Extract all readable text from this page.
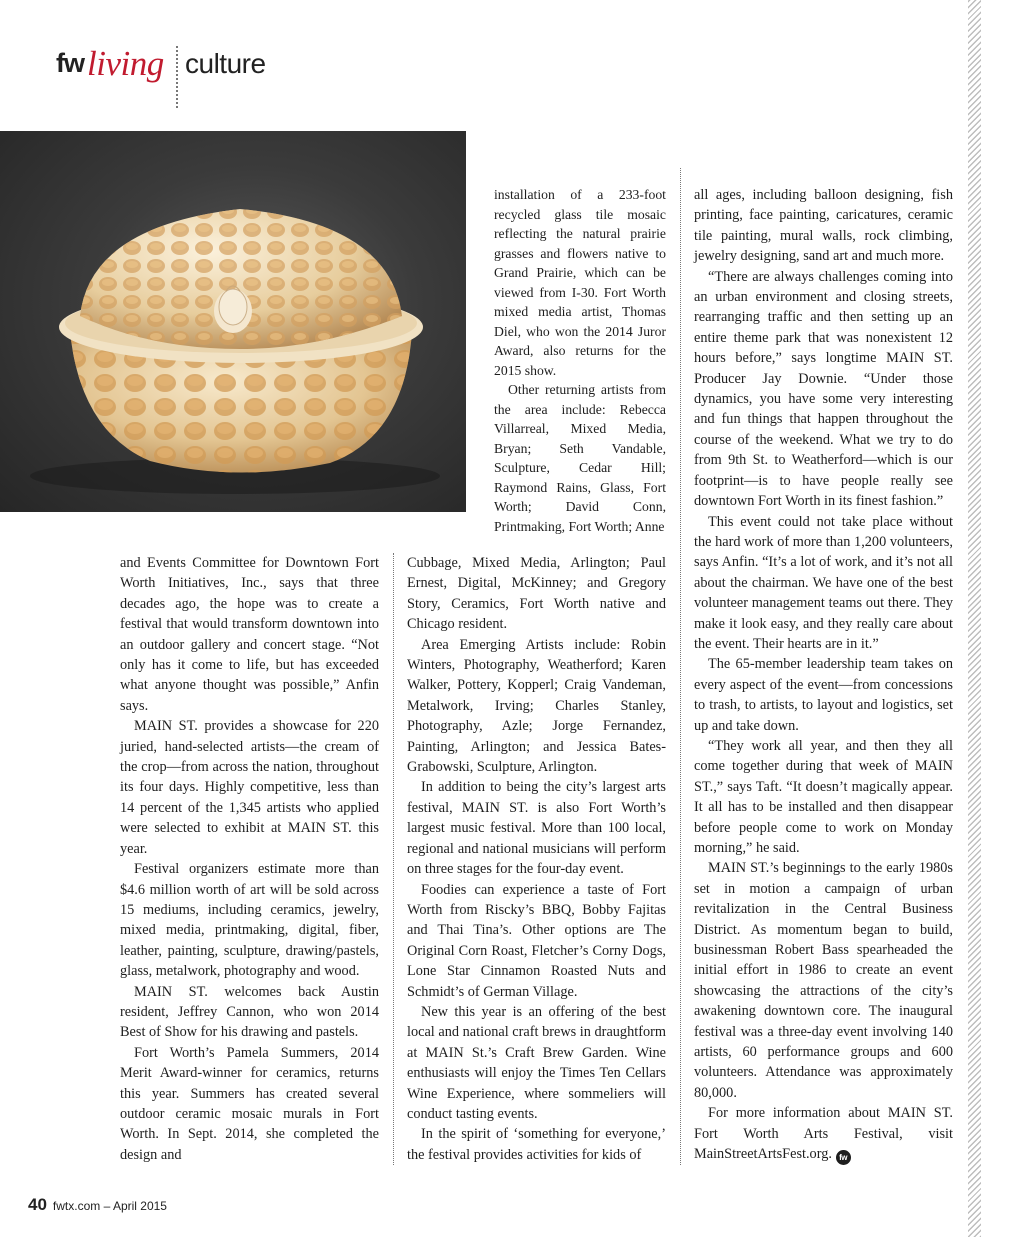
fw living culture

and Events Committee for Downtown Fort Worth Initiatives, Inc., says that three decades ago, the hope was to create a festival that would transform downtown into an outdoor gallery and concert stage. “Not only has it come to life, but has exceeded what anyone thought was possible,” Anfin says.

MAIN ST. provides a showcase for 220 juried, hand-selected artists—the cream of the crop—from across the nation, throughout its four days. Highly competitive, less than 14 percent of the 1,345 artists who applied were selected to exhibit at MAIN ST. this year.

Festival organizers estimate more than $4.6 million worth of art will be sold across 15 mediums, including ceramics, jewelry, mixed media, printmaking, digital, fiber, leather, painting, sculpture, drawing/pastels, glass, metalwork, photography and wood.

MAIN ST. welcomes back Austin resident, Jeffrey Cannon, who won 2014 Best of Show for his drawing and pastels.

Fort Worth’s Pamela Summers, 2014 Merit Award-winner for ceramics, returns this year. Summers has created several outdoor ceramic mosaic murals in Fort Worth. In Sept. 2014, she completed the design and

installation of a 233-foot recycled glass tile mosaic reflecting the natural prairie grasses and flowers native to Grand Prairie, which can be viewed from I-30. Fort Worth mixed media artist, Thomas Diel, who won the 2014 Juror Award, also returns for the 2015 show.

Other returning artists from the area include: Rebecca Villarreal, Mixed Media, Bryan; Seth Vandable, Sculpture, Cedar Hill; Raymond Rains, Glass, Fort Worth; David Conn, Printmaking, Fort Worth; Anne

Cubbage, Mixed Media, Arlington; Paul Ernest, Digital, McKinney; and Gregory Story, Ceramics, Fort Worth native and Chicago resident.

Area Emerging Artists include: Robin Winters, Photography, Weatherford; Karen Walker, Pottery, Kopperl; Craig Vandeman, Metalwork, Irving; Charles Stanley, Photography, Azle; Jorge Fernandez, Painting, Arlington; and Jessica Bates-Grabowski, Sculpture, Arlington.

In addition to being the city’s largest arts festival, MAIN ST. is also Fort Worth’s largest music festival. More than 100 local, regional and national musicians will perform on three stages for the four-day event.

Foodies can experience a taste of Fort Worth from Riscky’s BBQ, Bobby Fajitas and Thai Tina’s. Other options are The Original Corn Roast, Fletcher’s Corny Dogs, Lone Star Cinnamon Roasted Nuts and Schmidt’s of German Village.

New this year is an offering of the best local and national craft brews in draughtform at MAIN St.’s Craft Brew Garden. Wine enthusiasts will enjoy the Times Ten Cellars Wine Experience, where sommeliers will conduct tasting events.

In the spirit of ‘something for everyone,’ the festival provides activities for kids of

all ages, including balloon designing, fish printing, face painting, caricatures, ceramic tile painting, mural walls, rock climbing, jewelry designing, sand art and much more.

“There are always challenges coming into an urban environment and closing streets, rearranging traffic and then setting up an entire theme park that was nonexistent 12 hours before,” says longtime MAIN ST. Producer Jay Downie. “Under those dynamics, you have some very interesting and fun things that happen throughout the course of the weekend. What we try to do from 9th St. to Weatherford—which is our footprint—is to have people really see downtown Fort Worth in its finest fashion.”

This event could not take place without the hard work of more than 1,200 volunteers, says Anfin. “It’s a lot of work, and it’s not all about the chairman. We have one of the best volunteer management teams out there. They make it look easy, and they really care about the event. Their hearts are in it.”

The 65-member leadership team takes on every aspect of the event—from concessions to trash, to artists, to layout and logistics, set up and take down.

“They work all year, and then they all come together during that week of MAIN ST.,” says Taft. “It doesn’t magically appear. It all has to be installed and then disappear before people come to work on Monday morning,” he said.

MAIN ST.’s beginnings to the early 1980s set in motion a campaign of urban revitalization in the Central Business District. As momentum began to build, businessman Robert Bass spearheaded the initial effort in 1986 to create an event showcasing the attractions of the city’s awakening downtown core. The inaugural festival was a three-day event involving 140 artists, 60 performance groups and 600 volunteers. Attendance was approximately 80,000.

For more information about MAIN ST. Fort Worth Arts Festival, visit MainStreetArtsFest.org. fw

40 fwtx.com – April 2015
